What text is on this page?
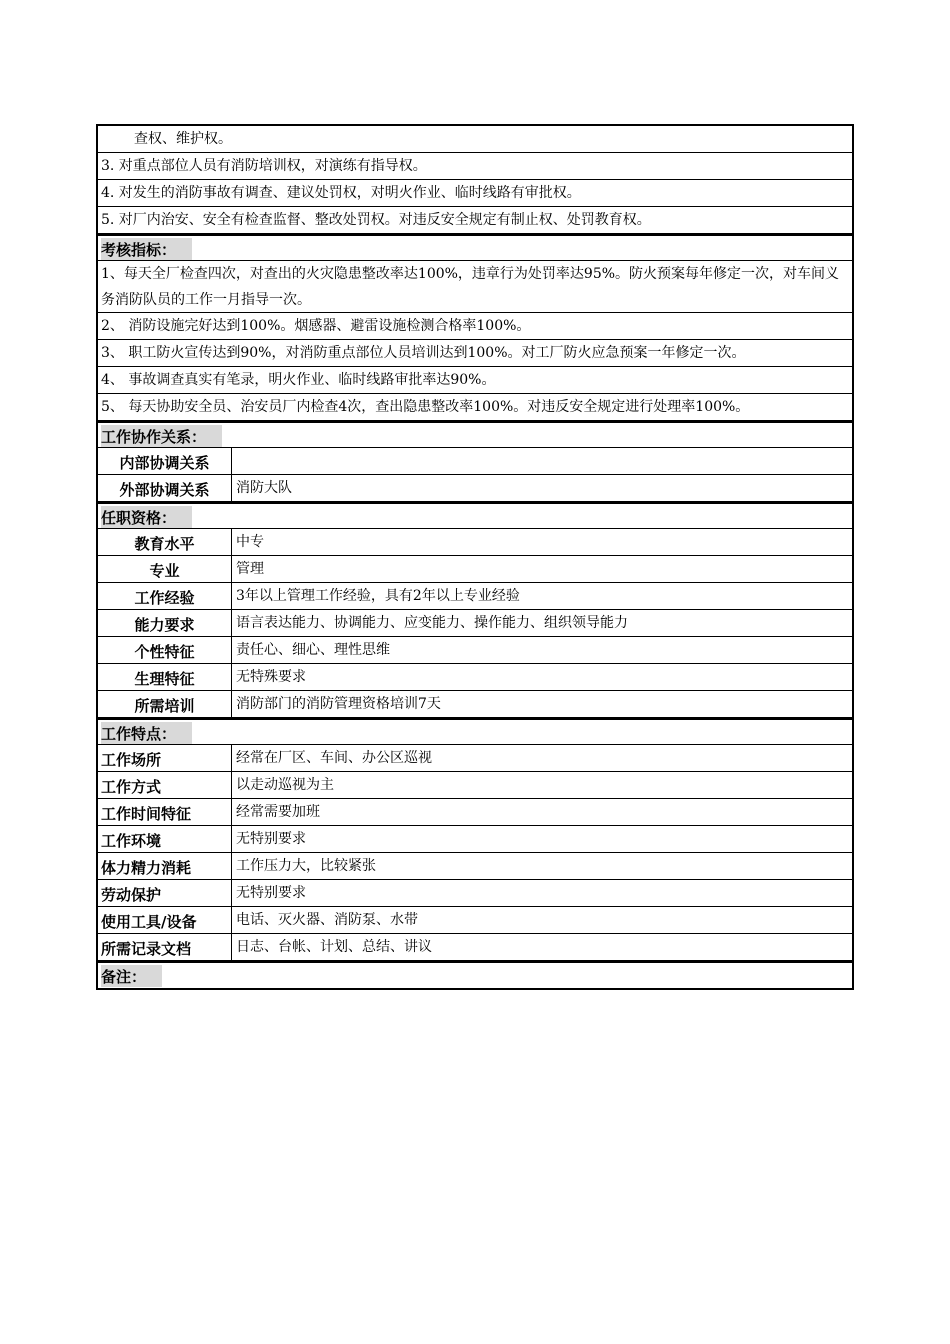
查权、维护权。
3. 对重点部位人员有消防培训权，对演练有指导权。
4. 对发生的消防事故有调查、建议处罚权，对明火作业、临时线路有审批权。
5. 对厂内治安、安全有检查监督、整改处罚权。对违反安全规定有制止权、处罚教育权。
考核指标：
1、每天全厂检查四次，对查出的火灾隐患整改率达100%，违章行为处罚率达95%。防火预案每年修定一次，对车间义务消防队员的工作一月指导一次。
2、 消防设施完好达到100%。烟感器、避雷设施检测合格率100%。
3、 职工防火宣传达到90%，对消防重点部位人员培训达到100%。对工厂防火应急预案一年修定一次。
4、 事故调查真实有笔录，明火作业、临时线路审批率达90%。
5、 每天协助安全员、治安员厂内检查4次，查出隐患整改率100%。对违反安全规定进行处理率100%。
工作协作关系：
内部协调关系
外部协调关系	消防大队
任职资格：
教育水平	中专
专业	管理
工作经验	3年以上管理工作经验，具有2年以上专业经验
能力要求	语言表达能力、协调能力、应变能力、操作能力、组织领导能力
个性特征	责任心、细心、理性思维
生理特征	无特殊要求
所需培训	消防部门的消防管理资格培训7天
工作特点：
工作场所	经常在厂区、车间、办公区巡视
工作方式	以走动巡视为主
工作时间特征	经常需要加班
工作环境	无特别要求
体力精力消耗	工作压力大，比较紧张
劳动保护	无特别要求
使用工具/设备	电话、灭火器、消防泵、水带
所需记录文档	日志、台帐、计划、总结、讲议
备注：
